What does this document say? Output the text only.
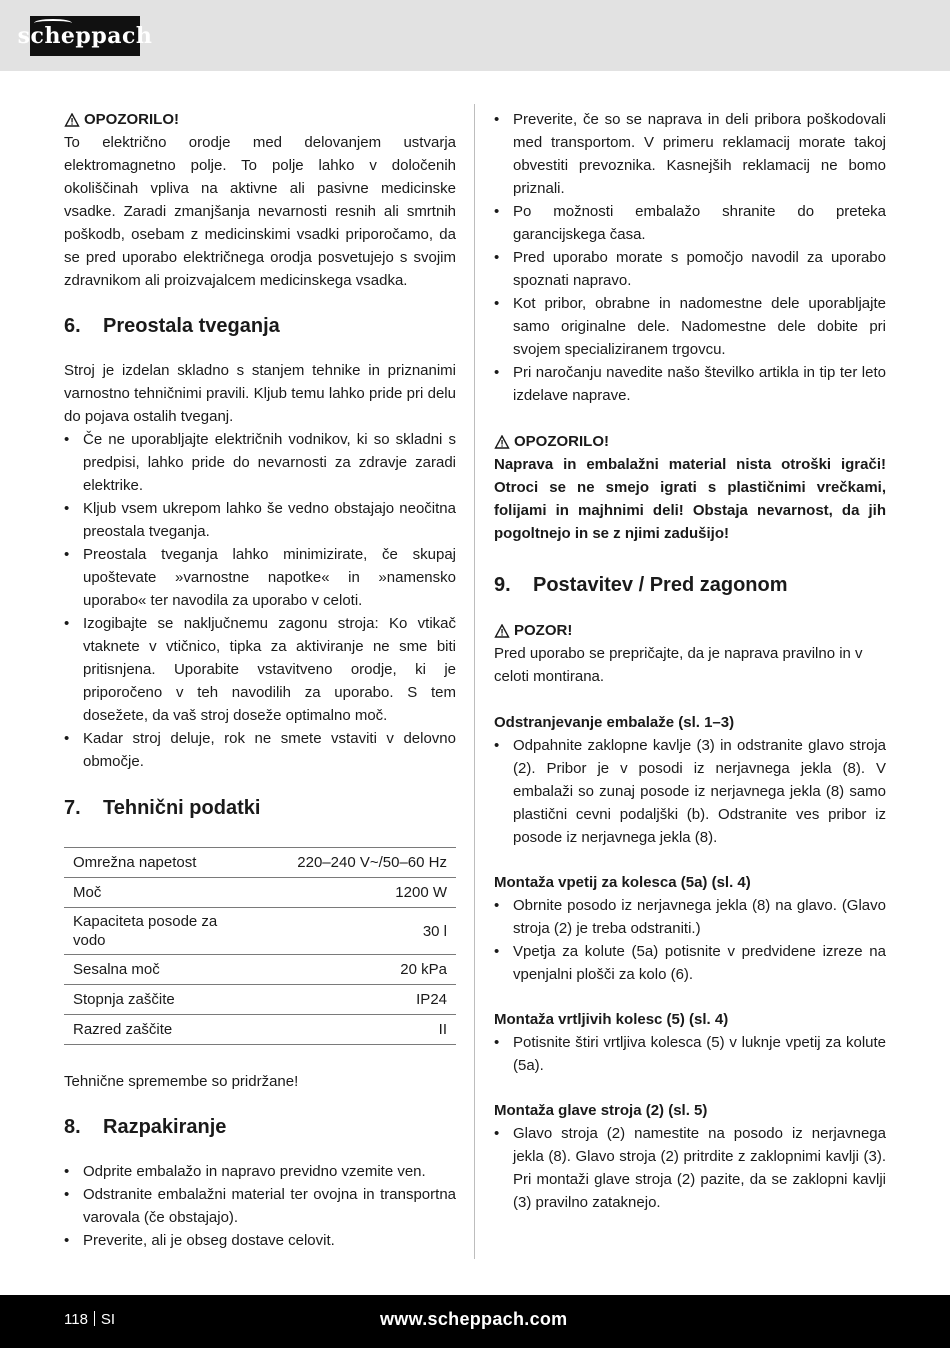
scheppach
OPOZORILO!

To električno orodje med delovanjem ustvarja elektromagnetno polje. To polje lahko v določenih okoliščinah vpliva na aktivne ali pasivne medicinske vsadke. Zaradi zmanjšanja nevarnosti resnih ali smrtnih poškodb, osebam z medicinskimi vsadki priporočamo, da se pred uporabo električnega orodja posvetujejo s svojim zdravnikom ali proizvajalcem medicinskega vsadka.

6.	Preostala tveganja

Stroj je izdelan skladno s stanjem tehnike in priznanimi varnostno tehničnimi pravili. Kljub temu lahko pride pri delu do pojava ostalih tveganj.

• Če ne uporabljajte električnih vodnikov, ki so skladni s predpisi, lahko pride do nevarnosti za zdravje zaradi elektrike.
• Kljub vsem ukrepom lahko še vedno obstajajo neočitna preostala tveganja.
• Preostala tveganja lahko minimizirate, če skupaj upoštevate »varnostne napotke« in »namensko uporabo« ter navodila za uporabo v celoti.
• Izogibajte se naključnemu zagonu stroja: Ko vtikač vtaknete v vtičnico, tipka za aktiviranje ne sme biti pritisnjena. Uporabite vstavitveno orodje, ki je priporočeno v teh navodilih za uporabo. S tem dosežete, da vaš stroj doseže optimalno moč.
• Kadar stroj deluje, rok ne smete vstaviti v delovno območje.
7.	Tehnični podatki
Omrežna napetost	220–240 V~/50–60 Hz
Moč	1200 W
Kapaciteta posode za vodo	30 l
Sesalna moč	20 kPa
Stopnja zaščite	IP24
Razred zaščite	II

Tehnične spremembe so pridržane!

8.	Razpakiranje
• Odprite embalažo in napravo previdno vzemite ven.
• Odstranite embalažni material ter ovojna in transportna varovala (če obstajajo).
• Preverite, ali je obseg dostave celovit.
• Preverite, če so se naprava in deli pribora poškodovali med transportom. V primeru reklamacij morate takoj obvestiti prevoznika. Kasnejših reklamacij ne bomo priznali.
• Po možnosti embalažo shranite do preteka garancijskega časa.
• Pred uporabo morate s pomočjo navodil za uporabo spoznati napravo.
• Kot pribor, obrabne in nadomestne dele uporabljajte samo originalne dele. Nadomestne dele dobite pri svojem specializiranem trgovcu.
• Pri naročanju navedite našo številko artikla in tip ter leto izdelave naprave.
OPOZORILO!

Naprava in embalažni material nista otroški igrači! Otroci se ne smejo igrati s plastičnimi vrečkami, folijami in majhnimi deli! Obstaja nevarnost, da jih pogoltnejo in se z njimi zadušijo!

9.	Postavitev / Pred zagonom
POZOR!

Pred uporabo se prepričajte, da je naprava pravilno in v celoti montirana.

Odstranjevanje embalaže (sl. 1–3)
• Odpahnite zaklopne kavlje (3) in odstranite glavo stroja (2). Pribor je v posodi iz nerjavnega jekla (8). V embalaži so zunaj posode iz nerjavnega jekla (8) samo plastični cevni podaljški (b). Odstranite ves pribor iz posode iz nerjavnega jekla (8).
Montaža vpetij za kolesca (5a) (sl. 4)
• Obrnite posodo iz nerjavnega jekla (8) na glavo. (Glavo stroja (2) je treba odstraniti.)
• Vpetja za kolute (5a) potisnite v predvidene izreze na vpenjalni plošči za kolo (6).
Montaža vrtljivih kolesc (5) (sl. 4)
• Potisnite štiri vrtljiva kolesca (5) v luknje vpetij za kolute (5a).
Montaža glave stroja (2) (sl. 5)
• Glavo stroja (2) namestite na posodo iz nerjavnega jekla (8). Glavo stroja (2) pritrdite z zaklopnimi kavlji (3). Pri montaži glave stroja (2) pazite, da se zaklopni kavlji (3) pravilno zataknejo.
118 SI	www.scheppach.com
